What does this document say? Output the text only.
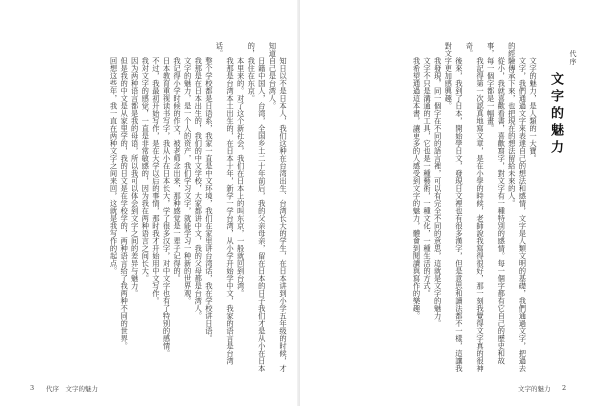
知日以不是日本人，我们这种在台湾出生、台湾长大的学生，在日本讲到小学五年级的时候，才知道自己是台湾人。

日籍中国人，台湾，全国乡土二十年前后，我的父亲母亲，留在日本的日子我们才是从小在日本的，我住在东京。

本里来的。对了这个新社会，我们在日本上的叫东京，一般就回到台湾。

我那是台湾本土出生的，在日本十年，新学一学台湾，从小学开始学中文，我家的语言是台湾话。

整个学校都是日语系，我家一直是中文环境，我们在家里讲台湾话，我在学校讲日语。

我那是在日本出生的，我们的中文学校，大家都讲中文，我的父母都是台湾人。

文字的魅力，是一个人的资产，我们学习文字，就能学习一种新的世界观。

我记得小学时候的作文，被老师念出来，那种感觉是一辈子记得的。

日本教育重视读书写字，我从小在日本长大，学了很多汉字，对中文字也有了特别的感情。

不过，我最初开始写作，是在大学以后的事情，那时我才开始用中文写作。

我对文字的感觉，一直是非常敏感的，因为我在两种语言之间长大。

因为两种语言都是我的母语，所以我可以体会到文字之间的差异与魅力。

但是我的中文是从家里学的，我的日文是在学校学的，两种语言给了我两种不同的世界。

回想这些年，我一直在两种文字之间来回，这就是我写作的起点。

3 代序　文字的魅力
代序
文字的魅力

文字的魅力，是人類的一大寶。

文字，我們通過文字來表達自己的想法和感情，文字是人類文明的基礎，我們通過文字，把過去的經驗傳承下來，也把現在的想法留給未來的人。

從小，我就喜歡看書，喜歡寫字，對文字有一種特別的感情。每一個字都有它自己的歷史和故事，每一個字都是一幅畫。

我記得第一次認真地寫文章，是在小學的時候，老師說我寫得很好，那一刻我覺得文字真的很神奇。

後來，我到了日本，開始學日文，發現日文裡也有很多漢字，但是意思和讀法都不一樣，這讓我對文字更加感興趣。

我發現，同一個字在不同的語言裡，可以有完全不同的意思，這就是文字的魅力。

文字不只是溝通的工具，它也是一種藝術，一種文化，一種生活的方式。

我希望通過這本書，讓更多的人感受到文字的魅力，體會到閱讀與寫作的樂趣。

文字的魅力 2
